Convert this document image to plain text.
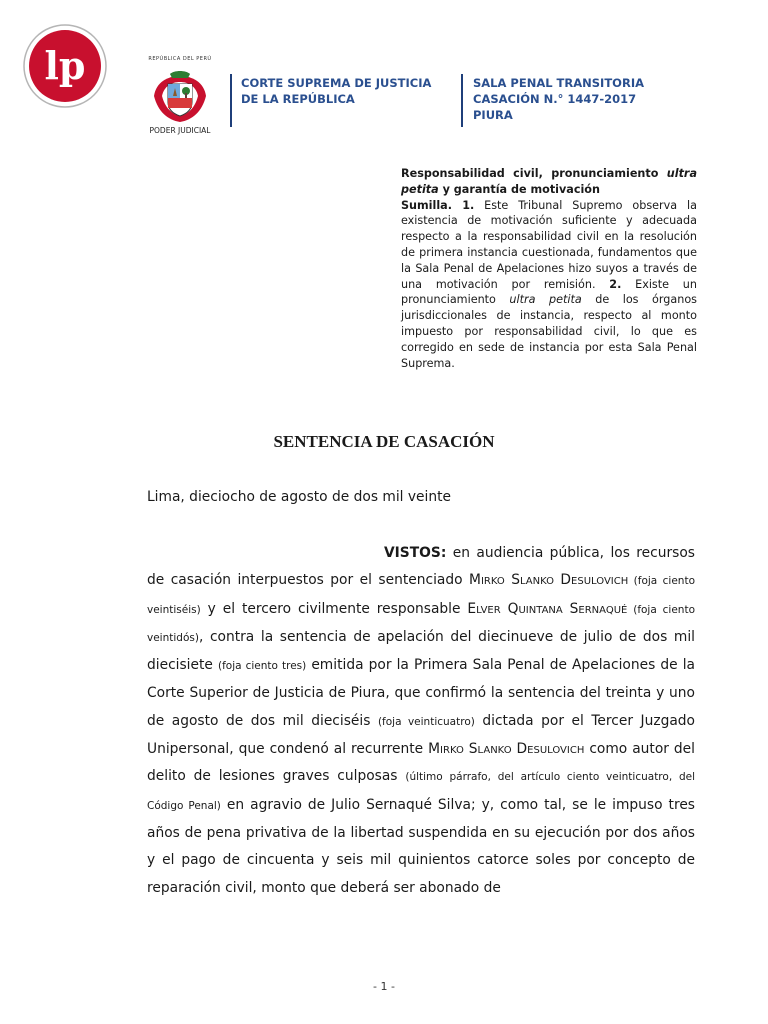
lp	REPÚBLICA DEL PERÚ
PODER JUDICIAL
CORTE SUPREMA DE JUSTICIA
DE LA REPÚBLICA
SALA PENAL TRANSITORIA
CASACIÓN N.° 1447-2017
PIURA
Responsabilidad civil, pronunciamiento ultra petita y garantía de motivación
Sumilla. 1. Este Tribunal Supremo observa la existencia de motivación suficiente y adecuada respecto a la responsabilidad civil en la resolución de primera instancia cuestionada, fundamentos que la Sala Penal de Apelaciones hizo suyos a través de una motivación por remisión. 2. Existe un pronunciamiento ultra petita de los órganos jurisdiccionales de instancia, respecto al monto impuesto por responsabilidad civil, lo que es corregido en sede de instancia por esta Sala Penal Suprema.
SENTENCIA DE CASACIÓN
Lima, dieciocho de agosto de dos mil veinte
VISTOS: en audiencia pública, los recursos de casación interpuestos por el sentenciado Mirko Slanko Desulovich (foja ciento veintiséis) y el tercero civilmente responsable Elver Quintana Sernaqué (foja ciento veintidós), contra la sentencia de apelación del diecinueve de julio de dos mil diecisiete (foja ciento tres) emitida por la Primera Sala Penal de Apelaciones de la Corte Superior de Justicia de Piura, que confirmó la sentencia del treinta y uno de agosto de dos mil dieciséis (foja veinticuatro) dictada por el Tercer Juzgado Unipersonal, que condenó al recurrente Mirko Slanko Desulovich como autor del delito de lesiones graves culposas (último párrafo, del artículo ciento veinticuatro, del Código Penal) en agravio de Julio Sernaqué Silva; y, como tal, se le impuso tres años de pena privativa de la libertad suspendida en su ejecución por dos años y el pago de cincuenta y seis mil quinientos catorce soles por concepto de reparación civil, monto que deberá ser abonado de
- 1 -
